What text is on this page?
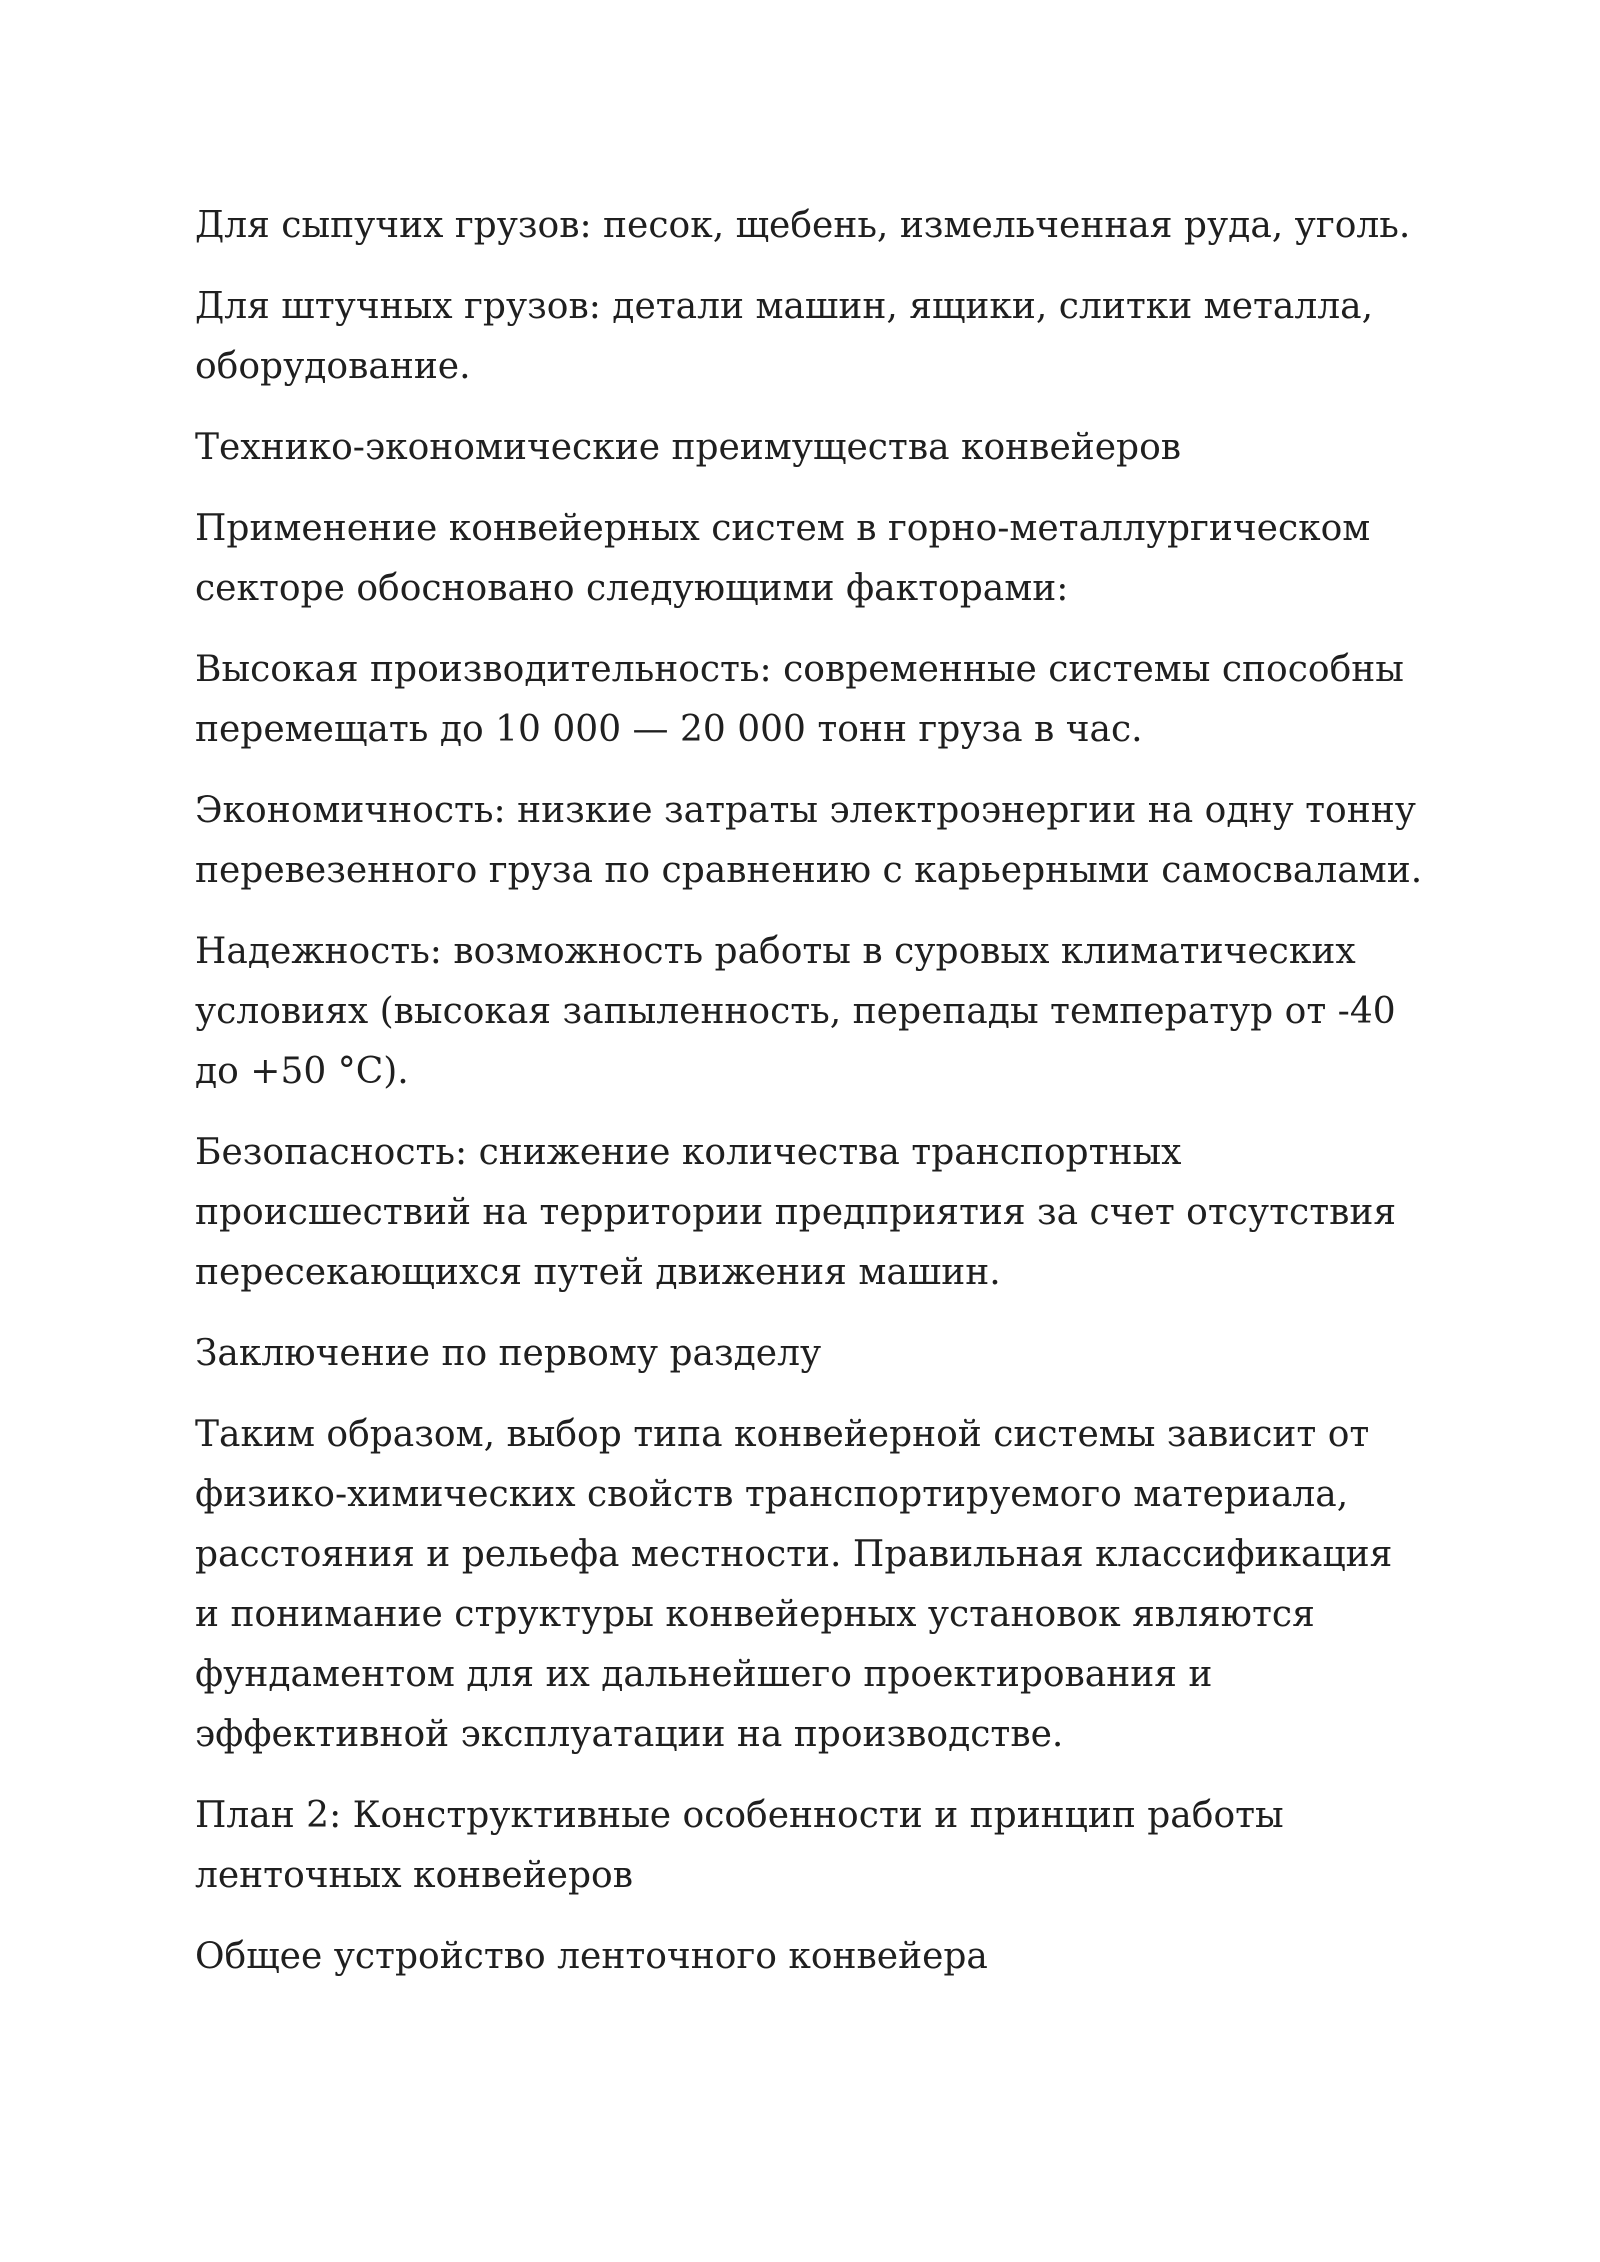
Для сыпучих грузов: песок, щебень, измельченная руда, уголь.

Для штучных грузов: детали машин, ящики, слитки металла, оборудование.

Технико-экономические преимущества конвейеров

Применение конвейерных систем в горно-металлургическом секторе обосновано следующими факторами:

Высокая производительность: современные системы способны перемещать до 10 000 — 20 000 тонн груза в час.

Экономичность: низкие затраты электроэнергии на одну тонну перевезенного груза по сравнению с карьерными самосвалами.

Надежность: возможность работы в суровых климатических условиях (высокая запыленность, перепады температур от -40 до +50 °C).

Безопасность: снижение количества транспортных происшествий на территории предприятия за счет отсутствия пересекающихся путей движения машин.

Заключение по первому разделу

Таким образом, выбор типа конвейерной системы зависит от физико-химических свойств транспортируемого материала, расстояния и рельефа местности. Правильная классификация и понимание структуры конвейерных установок являются фундаментом для их дальнейшего проектирования и эффективной эксплуатации на производстве.

План 2: Конструктивные особенности и принцип работы ленточных конвейеров

Общее устройство ленточного конвейера
